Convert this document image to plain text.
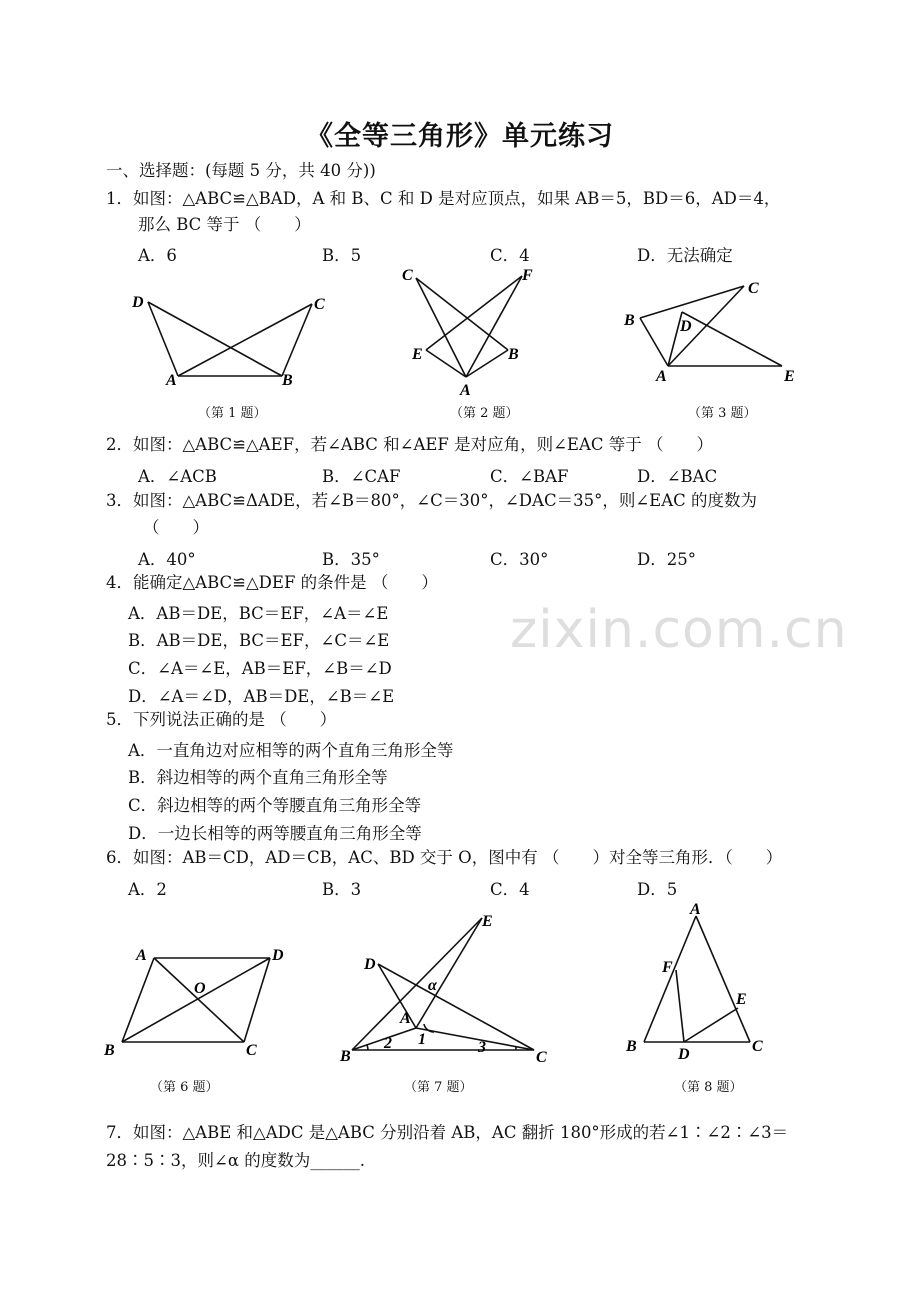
《全等三角形》单元练习
一、选择题：(每题 5 分，共 40 分))
1．如图：△ABC≌△BAD，A 和 B、C 和 D 是对应顶点，如果 AB＝5，BD＝6，AD＝4，
那么 BC 等于 （　　）
A．6	B．5	C．4	D．无法确定
D	C
A	B
（第 1 题）
C	F
E	B
A
（第 2 题）
B
C
D
A	E
（第 3 题）
2．如图：△ABC≌△AEF，若∠ABC 和∠AEF 是对应角，则∠EAC 等于 （　　）
A．∠ACB	B．∠CAF	C．∠BAF	D．∠BAC
3．如图：△ABC≌ΔADE，若∠B＝80°，∠C＝30°，∠DAC＝35°，则∠EAC 的度数为
（　　）
A．40°	B．35°	C．30°	D．25°
4．能确定△ABC≌△DEF 的条件是 （　　）
A．AB＝DE，BC＝EF，∠A＝∠E
B．AB＝DE，BC＝EF，∠C＝∠E
C．∠A＝∠E，AB＝EF，∠B＝∠D
D．∠A＝∠D，AB＝DE，∠B＝∠E
zixin.com.cn
5．下列说法正确的是 （　　）
A．一直角边对应相等的两个直角三角形全等
B．斜边相等的两个直角三角形全等
C．斜边相等的两个等腰直角三角形全等
D．一边长相等的两等腰直角三角形全等
6．如图：AB＝CD，AD＝CB，AC、BD 交于 O，图中有 （　　）对全等三角形．（　　）
A．2	B．3	C．4	D．5
A	D
O
B	C
（第 6 题）
E
D
α
A
1
B
2	3
C
（第 7 题）
A
F
E
B	D	C
（第 8 题）
7．如图：△ABE 和△ADC 是△ABC 分别沿着 AB，AC 翻折 180°形成的若∠1∶∠2∶∠3＝
28∶5∶3，则∠α 的度数为______.
